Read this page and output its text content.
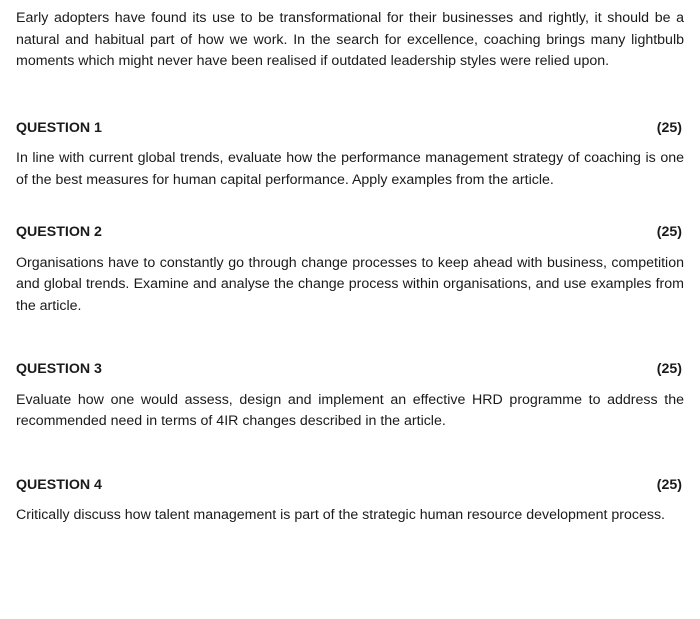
Early adopters have found its use to be transformational for their businesses and rightly, it should be a natural and habitual part of how we work. In the search for excellence, coaching brings many lightbulb moments which might never have been realised if outdated leadership styles were relied upon.

QUESTION 1	(25)

In line with current global trends, evaluate how the performance management strategy of coaching is one of the best measures for human capital performance. Apply examples from the article.

QUESTION 2	(25)

Organisations have to constantly go through change processes to keep ahead with business, competition and global trends. Examine and analyse the change process within organisations, and use examples from the article.

QUESTION 3	(25)

Evaluate how one would assess, design and implement an effective HRD programme to address the recommended need in terms of 4IR changes described in the article.

QUESTION 4	(25)

Critically discuss how talent management is part of the strategic human resource development process.
